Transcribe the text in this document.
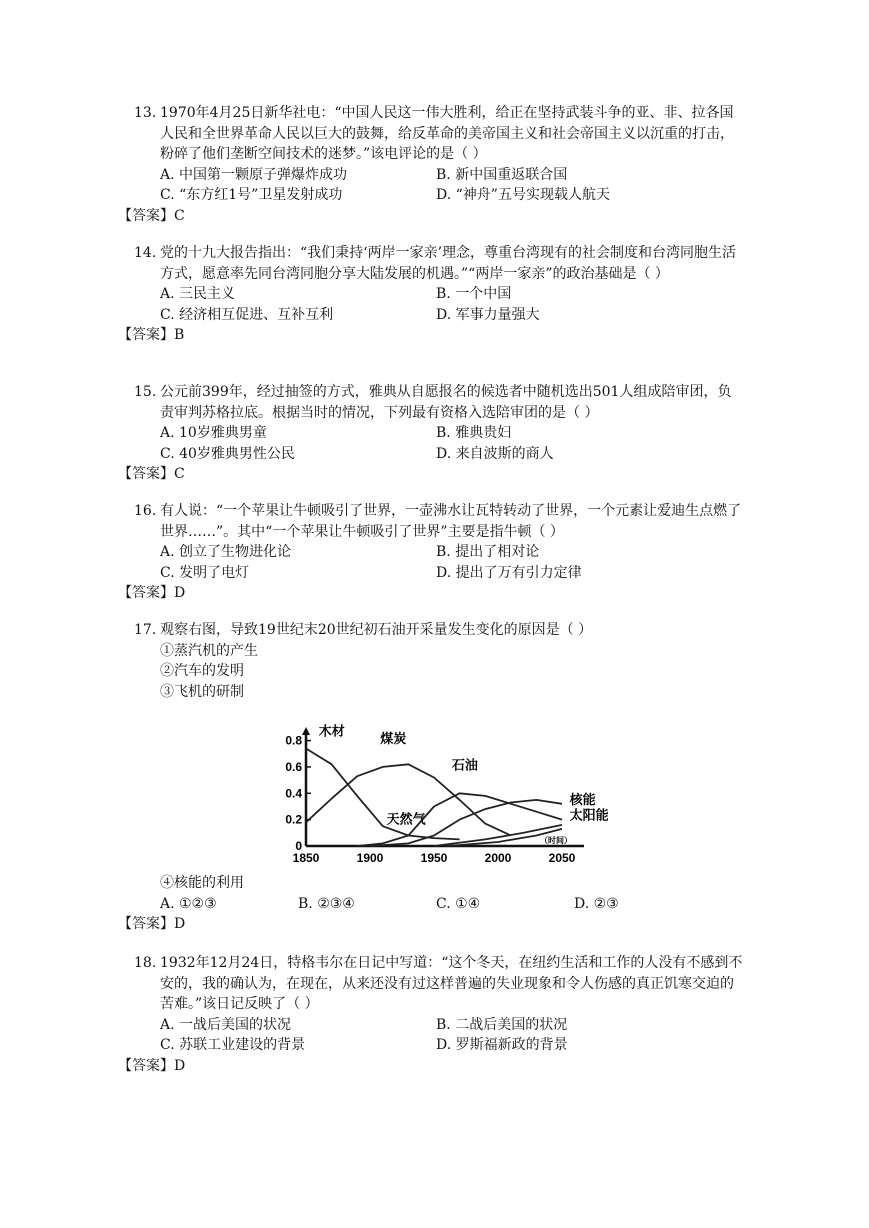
13. 1970年4月25日新华社电：“中国人民这一伟大胜利，给正在坚持武装斗争的亚、非、拉各国人民和全世界革命人民以巨大的鼓舞，给反革命的美帝国主义和社会帝国主义以沉重的打击，粉碎了他们垄断空间技术的迷梦。”该电评论的是（ ）
A. 中国第一颗原子弹爆炸成功	B. 新中国重返联合国
C. “东方红1号”卫星发射成功	D. “神舟”五号实现载人航天
【答案】C
14. 党的十九大报告指出：“我们秉持‘两岸一家亲’理念，尊重台湾现有的社会制度和台湾同胞生活方式，愿意率先同台湾同胞分享大陆发展的机遇。”“两岸一家亲”的政治基础是（ ）
A. 三民主义	B. 一个中国
C. 经济相互促进、互补互利	D. 军事力量强大
【答案】B
15. 公元前399年，经过抽签的方式，雅典从自愿报名的候选者中随机选出501人组成陪审团，负责审判苏格拉底。根据当时的情况，下列最有资格入选陪审团的是（ ）
A. 10岁雅典男童	B. 雅典贵妇
C. 40岁雅典男性公民	D. 来自波斯的商人
【答案】C
16. 有人说：“一个苹果让牛顿吸引了世界，一壶沸水让瓦特转动了世界，一个元素让爱迪生点燃了世界……”。其中“一个苹果让牛顿吸引了世界”主要是指牛顿（ ）
A. 创立了生物进化论	B. 提出了相对论
C. 发明了电灯	D. 提出了万有引力定律
【答案】D
17. 观察右图，导致19世纪末20世纪初石油开采量发生变化的原因是（ ）
①蒸汽机的产生
②汽车的发明
③飞机的研制
0
0.2
0.4
0.6
0.8
1850	1900	1950	2000	2050
（时间）
木材
煤炭
石油
天然气
核能
太阳能
④核能的利用
A. ①②③	B. ②③④	C. ①④	D. ②③
【答案】D
18. 1932年12月24日，特格韦尔在日记中写道：“这个冬天，在纽约生活和工作的人没有不感到不安的，我的确认为，在现在，从来还没有过这样普遍的失业现象和令人伤感的真正饥寒交迫的苦难。”该日记反映了（ ）
A. 一战后美国的状况	B. 二战后美国的状况
C. 苏联工业建设的背景	D. 罗斯福新政的背景
【答案】D
